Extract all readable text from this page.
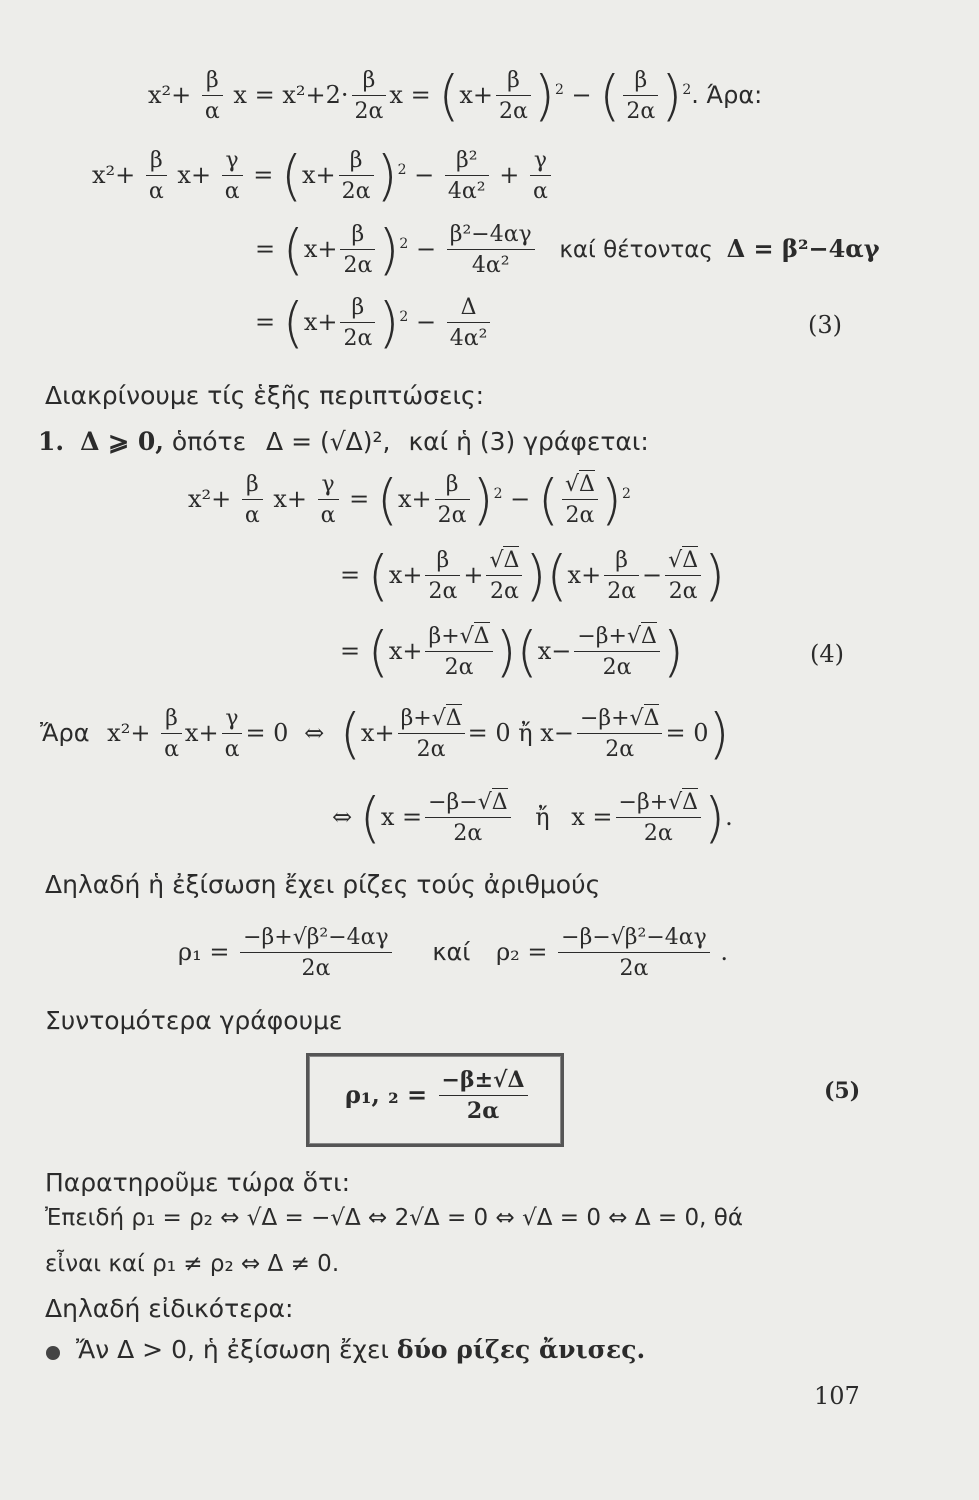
$x^2+ \frac{\beta}{\alpha}$ $x = x^2+2\cdot \frac{\beta}{2\alpha}$ $x = (x+ \frac{\beta}{2\alpha} )^2$ − ( $\frac{\beta}{2\alpha} )^2$. Άρα:
$x^2+ \frac{\beta}{\alpha} x+ \frac{\gamma}{\alpha} = (x+ \frac{\beta}{2\alpha} )^2 - \frac{\text{β²}}{\text{4α²}} + \frac{\gamma}{\alpha}$
= $(x+ \frac{\beta}{2\alpha} )^2 - \frac{\text{β²−4αγ}}{\text{4α²}}$ καί θέτοντας Δ = β²−4αγ
= $(x+ \frac{\beta}{2\alpha} )^2 - \frac{\Delta}{\text{4α²}}$	(3)
Διακρίνουμε τίς ἑξῆς περιπτώσεις:
1. Δ ⩾ 0, ὁπότε Δ = (√Δ)², καί ἡ (3) γράφεται:
$x^2+ \frac{\beta}{\alpha} x+ \frac{\gamma}{\alpha} = (x+ \frac{\beta}{2\alpha} )^2$ − ( $\frac{√\Delta}{2\alpha} )^2$
= $(x+ \frac{\beta}{2\alpha} + \frac{√\Delta}{2\alpha} )(x+ \frac{\beta}{2\alpha} - \frac{√\Delta}{2\alpha}$ )
= $(x+ \frac{\beta+√\Delta}{2\alpha} )(x- \frac{-\beta+√\Delta}{2\alpha}$ )	(4)
Ἄρα $x^2+ \frac{\beta}{\alpha} x+ \frac{\gamma}{\alpha} = 0$ ⇔ ($x+ \frac{\beta+√\Delta}{2\alpha} = 0$ ἤ $x- \frac{-\beta+√\Delta}{2\alpha} = 0$)
⇔ ($x = \frac{-\beta-√\Delta}{2\alpha}$ ἤ $x = \frac{-\beta+√\Delta}{2\alpha}$ ).
Δηλαδή ἡ ἐξίσωση ἔχει ρίζες τούς ἀριθμούς
$\rho_1 = \frac{\text{−β+√β²−4αγ}}{2\alpha}$ καί $\rho_2 = \frac{\text{−β−√β²−4αγ}}{2\alpha}$ .
Συντομότερα γράφουμε
ρ₁, $_2 = \frac{-\beta\pm√\Delta}{2\alpha}$	(5)
Παρατηροῦμε τώρα ὅτι:
Ἐπειδή ρ₁ = ρ₂ ⇔ √Δ = −√Δ ⇔ 2√Δ = 0 ⇔ √Δ = 0 ⇔ Δ = 0, θά
εἶναι καί ρ₁ ≠ ρ₂ ⇔ Δ ≠ 0.
Δηλαδή εἰδικότερα:
Ἄν Δ > 0, ἡ ἐξίσωση ἔχει δύο ρίζες ἄνισες.
107
